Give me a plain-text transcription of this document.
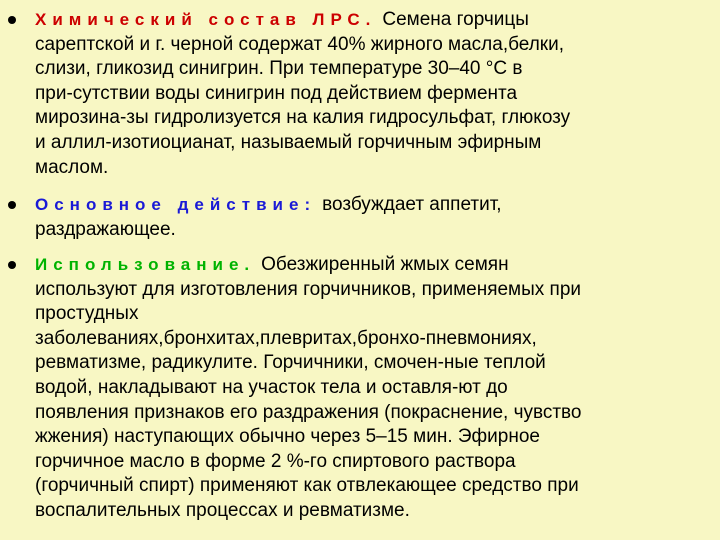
Химический состав ЛРС. Семена горчицы
сарептской и г. черной содержат 40% жирного масла,белки,
слизи, гликозид синигрин. При температуре 30–40 °С в
при-сутствии воды синигрин под действием фермента
мирозина-зы гидролизуется на калия гидросульфат, глюкозу
и аллил-изотиоцианат, называемый горчичным эфирным
маслом.

Основное действие: возбуждает аппетит,
раздражающее.

Использование. Обезжиренный жмых семян
используют для изготовления горчичников, применяемых при
простудных
заболеваниях,бронхитах,плевритах,бронхо-пневмониях,
ревматизме, радикулите. Горчичники, смочен-ные теплой
водой, накладывают на участок тела и оставля-ют до
появления признаков его раздражения (покраснение, чувство
жжения) наступающих обычно через 5–15 мин. Эфирное
горчичное масло в форме 2 %-го спиртового раствора
(горчичный спирт) применяют как отвлекающее средство при
воспалительных процессах и ревматизме.
